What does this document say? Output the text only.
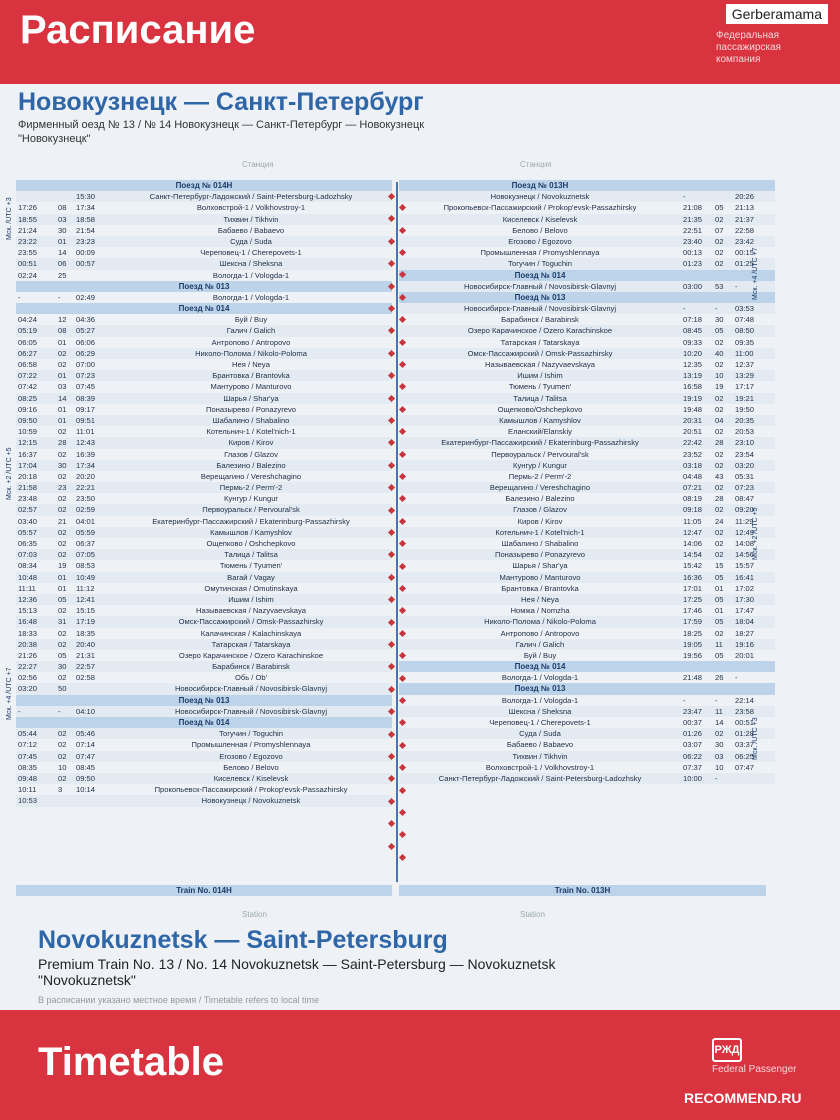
Расписание	Федеральная пассажирская компания
Gerberamama
Новокузнецк — Санкт-Петербург
Фирменный оезд № 13 / № 14 Новокузнецк — Санкт-Петербург — Новокузнецк
"Новокузнецк"
Станция	Станция
Поезд № 014Н
15:30	Санкт-Петербург-Ладожский / Saint-Petersburg-Ladozhsky
17:26	08	17:34	Волховстрой-1 / Volkhovstroy-1
18:55	03	18:58	Тихвин / Tikhvin
21:24	30	21:54	Бабаево / Babaevo
23:22	01	23:23	Суда / Suda
23:55	14	00:09	Череповец-1 / Cherepovets-1
00:51	06	00:57	Шексна / Sheksna
02:24	25	Вологда-1 / Vologda-1
Поезд № 013
-	-	02:49	Вологда-1 / Vologda-1
Поезд № 014
04:24	12	04:36	Буй / Buy
05:19	08	05:27	Галич / Galich
06:05	01	06:06	Антропово / Antropovo
06:27	02	06:29	Николо-Полома / Nikolo-Poloma
06:58	02	07:00	Нея / Neya
07:22	01	07:23	Брантовка / Brantovka
07:42	03	07:45	Мантурово / Manturovo
08:25	14	08:39	Шарья / Shar'ya
09:16	01	09:17	Поназырево / Ponazyrevo
09:50	01	09:51	Шабалино / Shabalino
10:59	02	11:01	Котельнич-1 / Kotel'nich-1
12:15	28	12:43	Киров / Kirov
16:37	02	16:39	Глазов / Glazov
17:04	30	17:34	Балезино / Balezino
20:18	02	20:20	Верещагино / Vereshchagino
21:58	23	22:21	Пермь-2 / Perm'-2
23:48	02	23:50	Кунгур / Kungur
02:57	02	02:59	Первоуральск / Pervoural'sk
03:40	21	04:01	Екатеринбург-Пассажирский / Ekaterinburg-Passazhirsky
05:57	02	05:59	Камышлов / Kamyshlov
06:35	02	06:37	Ощепково / Oshchepkovo
07:03	02	07:05	Талица / Talitsa
08:34	19	08:53	Тюмень / Tyumen'
10:48	01	10:49	Вагай / Vagay
11:11	01	11:12	Омутинская / Omutinskaya
12:36	05	12:41	Ишим / Ishim
15:13	02	15:15	Называевская / Nazyvaevskaya
16:48	31	17:19	Омск-Пассажирский / Omsk-Passazhirsky
18:33	02	18:35	Калачинская / Kalachinskaya
20:38	02	20:40	Татарская / Tatarskaya
21:26	05	21:31	Озеро Карачинское / Ozero Karachinskoe
22:27	30	22:57	Барабинск / Barabinsk
02:56	02	02:58	Обь / Ob'
03:20	50	Новосибирск-Главный / Novosibirsk-Glavnyj
Поезд № 013
-	-	04:10	Новосибирск-Главный / Novosibirsk-Glavnyj
Поезд № 014
05:44	02	05:46	Тогучин / Toguchin
07:12	02	07:14	Промышленная / Promyshlennaya
07:45	02	07:47	Егозово / Egozovo
08:35	10	08:45	Белово / Belovo
09:48	02	09:50	Киселевск / Kiselevsk
10:11	3	10:14	Прокопьевск-Пассажирский / Prokop'evsk-Passazhirsky
10:53	Новокузнецк / Novokuznetsk
Поезд № 013Н
Новокузнецк / Novokuznetsk	-	20:26
Прокопьевск-Пассажирский / Prokop'evsk-Passazhirsky	21:08	05	21:13
Киселевск / Kiselevsk	21:35	02	21:37
Белово / Belovo	22:51	07	22:58
Егозово / Egozovo	23:40	02	23:42
Промышленная / Promyshlennaya	00:13	02	00:15
Тогучин / Toguchin	01:23	02	01:25
Поезд № 014
Новосибирск-Главный / Novosibirsk-Glavnyj	03:00	53	-
Поезд № 013
Новосибирск-Главный / Novosibirsk-Glavnyj	-	-	03:53
Барабинск / Barabinsk	07:18	30	07:48
Озеро Карачинское / Ozero Karachinskoe	08:45	05	08:50
Татарская / Tatarskaya	09:33	02	09:35
Омск-Пассажирский / Omsk-Passazhirsky	10:20	40	11:00
Называевская / Nazyvaevskaya	12:35	02	12:37
Ишим / Ishim	13:19	10	13:29
Тюмень / Tyumen'	16:58	19	17:17
Талица / Talitsa	19:19	02	19:21
Ощепково/Oshchepkovo	19:48	02	19:50
Камышлов / Kamyshlov	20:31	04	20:35
Еланский/Elanskiy	20:51	02	20:53
Екатеринбург-Пассажирский / Ekaterinburg-Passazhirsky	22:42	28	23:10
Первоуральск / Pervoural'sk	23:52	02	23:54
Кунгур / Kungur	03:18	02	03:20
Пермь-2 / Perm'-2	04:48	43	05:31
Верещагино / Vereshchagino	07:21	02	07:23
Балезино / Balezino	08:19	28	08:47
Глазов / Glazov	09:18	02	09:20
Киров / Kirov	11:05	24	11:29
Котельнич-1 / Kotel'nich-1	12:47	02	12:49
Шабалино / Shabalino	14:06	02	14:08
Поназырево / Ponazyrevo	14:54	02	14:56
Шарья / Shar'ya	15:42	15	15:57
Мантурово / Manturovo	16:36	05	16:41
Брантовка / Brantovka	17:01	01	17:02
Нея / Neya	17:25	05	17:30
Номжа / Nomzha	17:46	01	17:47
Николо-Полома / Nikolo-Poloma	17:59	05	18:04
Антропово / Antropovo	18:25	02	18:27
Галич / Galich	19:05	11	19:16
Буй / Buy	19:56	05	20:01
Поезд № 014
Вологда-1 / Vologda-1	21:48	26	-
Поезд № 013
Вологда-1 / Vologda-1	-	-	22:14
Шексна / Sheksna	23:47	11	23:58
Череповец-1 / Cherepovets-1	00:37	14	00:51
Суда / Suda	01:26	02	01:28
Бабаево / Babaevo	03:07	30	03:37
Тихвин / Tikhvin	06:22	03	06:25
Волховстрой-1 / Volkhovstroy-1	07:37	10	07:47
Санкт-Петербург-Ладожский / Saint-Petersburg-Ladozhsky	10:00	-
Train No. 014H	Train No. 013H
Station	Station
Novokuznetsk — Saint-Petersburg
Premium Train No. 13 / No. 14 Novokuznetsk — Saint-Petersburg — Novokuznetsk
"Novokuznetsk"
В расписании указано местное время / Timetable refers to local time
Timetable	РЖД
Federal Passenger
RECOMMEND.RU
Мск. /UTC +3
Мск. +2 /UTC +5
Мск. +4 /UTC +7
Мск. +4 /UTC +7
Мск. +2 /UTC +5
Мск. /UTC +3
